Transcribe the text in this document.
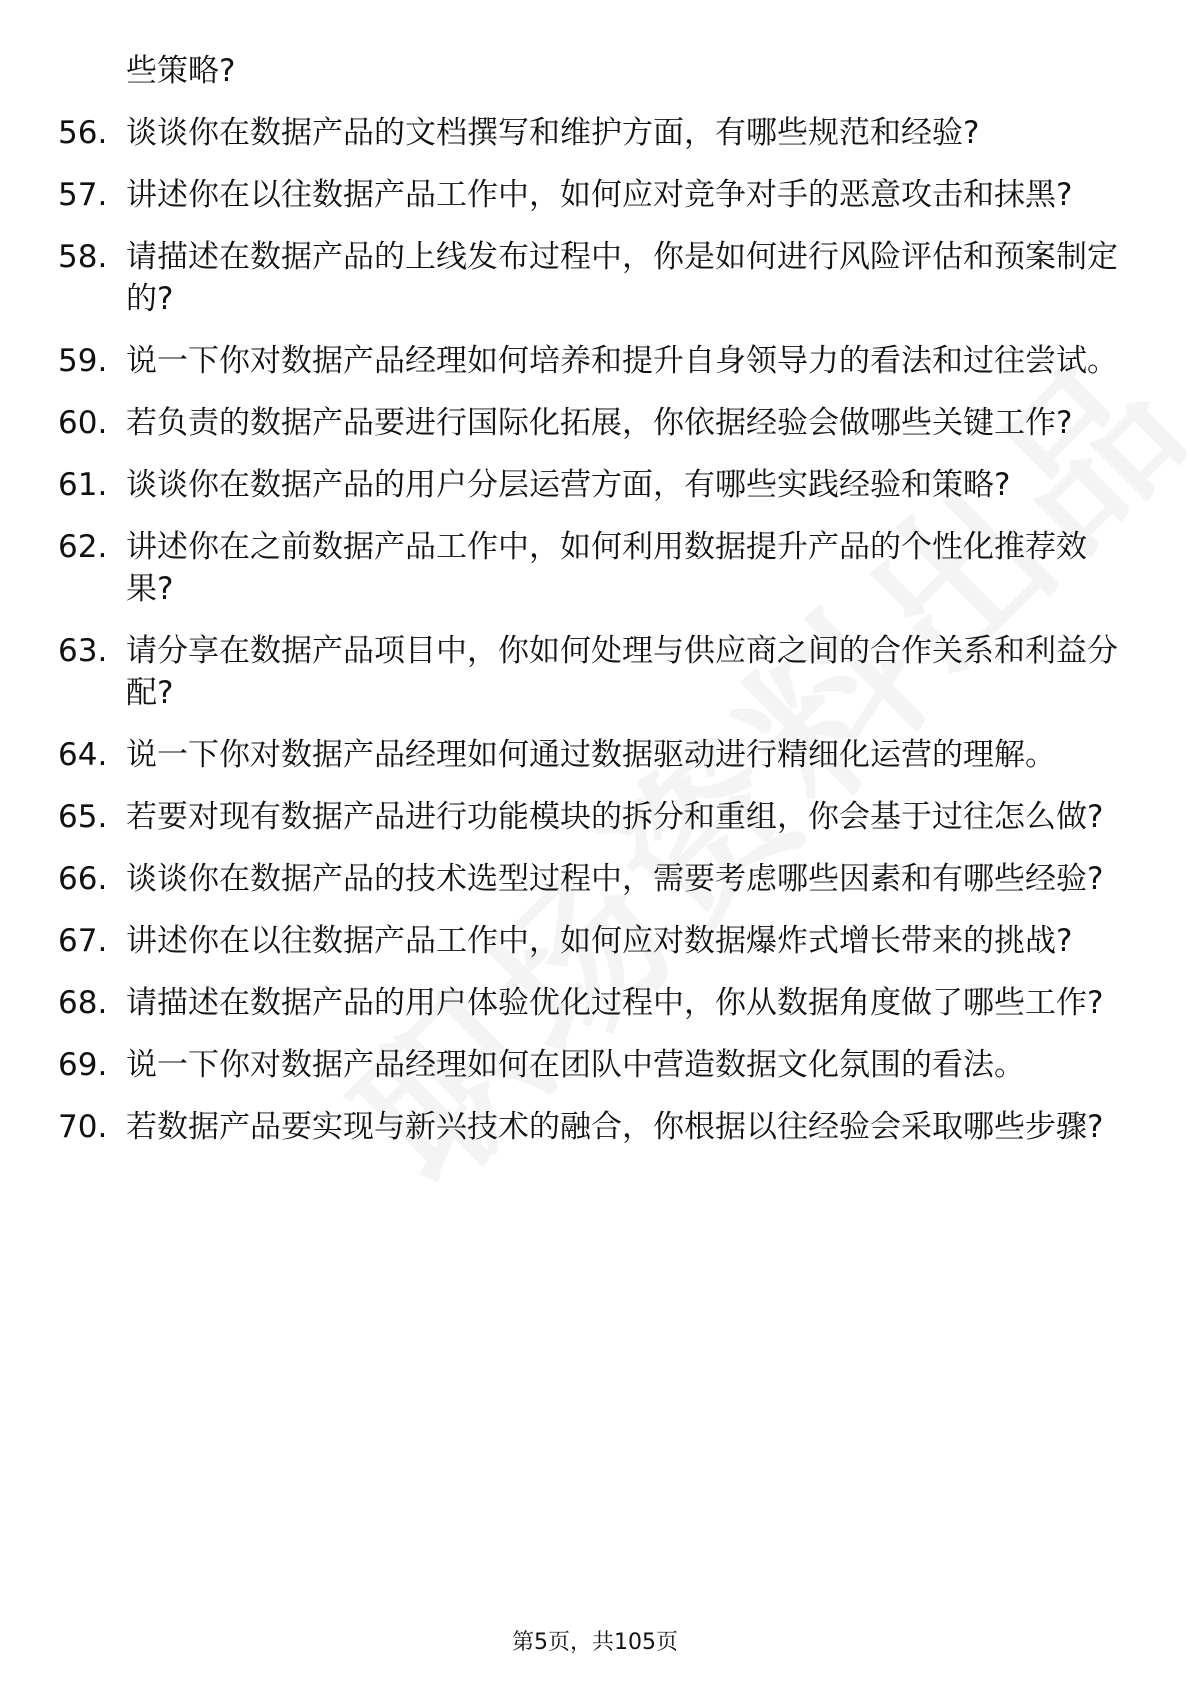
些策略?
56. 谈谈你在数据产品的文档撰写和维护方面，有哪些规范和经验?
57. 讲述你在以往数据产品工作中，如何应对竞争对手的恶意攻击和抹黑?
58. 请描述在数据产品的上线发布过程中，你是如何进行风险评估和预案制定的?
59. 说一下你对数据产品经理如何培养和提升自身领导力的看法和过往尝试。
60. 若负责的数据产品要进行国际化拓展，你依据经验会做哪些关键工作?
61. 谈谈你在数据产品的用户分层运营方面，有哪些实践经验和策略?
62. 讲述你在之前数据产品工作中，如何利用数据提升产品的个性化推荐效果?
63. 请分享在数据产品项目中，你如何处理与供应商之间的合作关系和利益分配?
64. 说一下你对数据产品经理如何通过数据驱动进行精细化运营的理解。
65. 若要对现有数据产品进行功能模块的拆分和重组，你会基于过往怎么做?
66. 谈谈你在数据产品的技术选型过程中，需要考虑哪些因素和有哪些经验?
67. 讲述你在以往数据产品工作中，如何应对数据爆炸式增长带来的挑战?
68. 请描述在数据产品的用户体验优化过程中，你从数据角度做了哪些工作?
69. 说一下你对数据产品经理如何在团队中营造数据文化氛围的看法。
70. 若数据产品要实现与新兴技术的融合，你根据以往经验会采取哪些步骤?
第5页，共105页
